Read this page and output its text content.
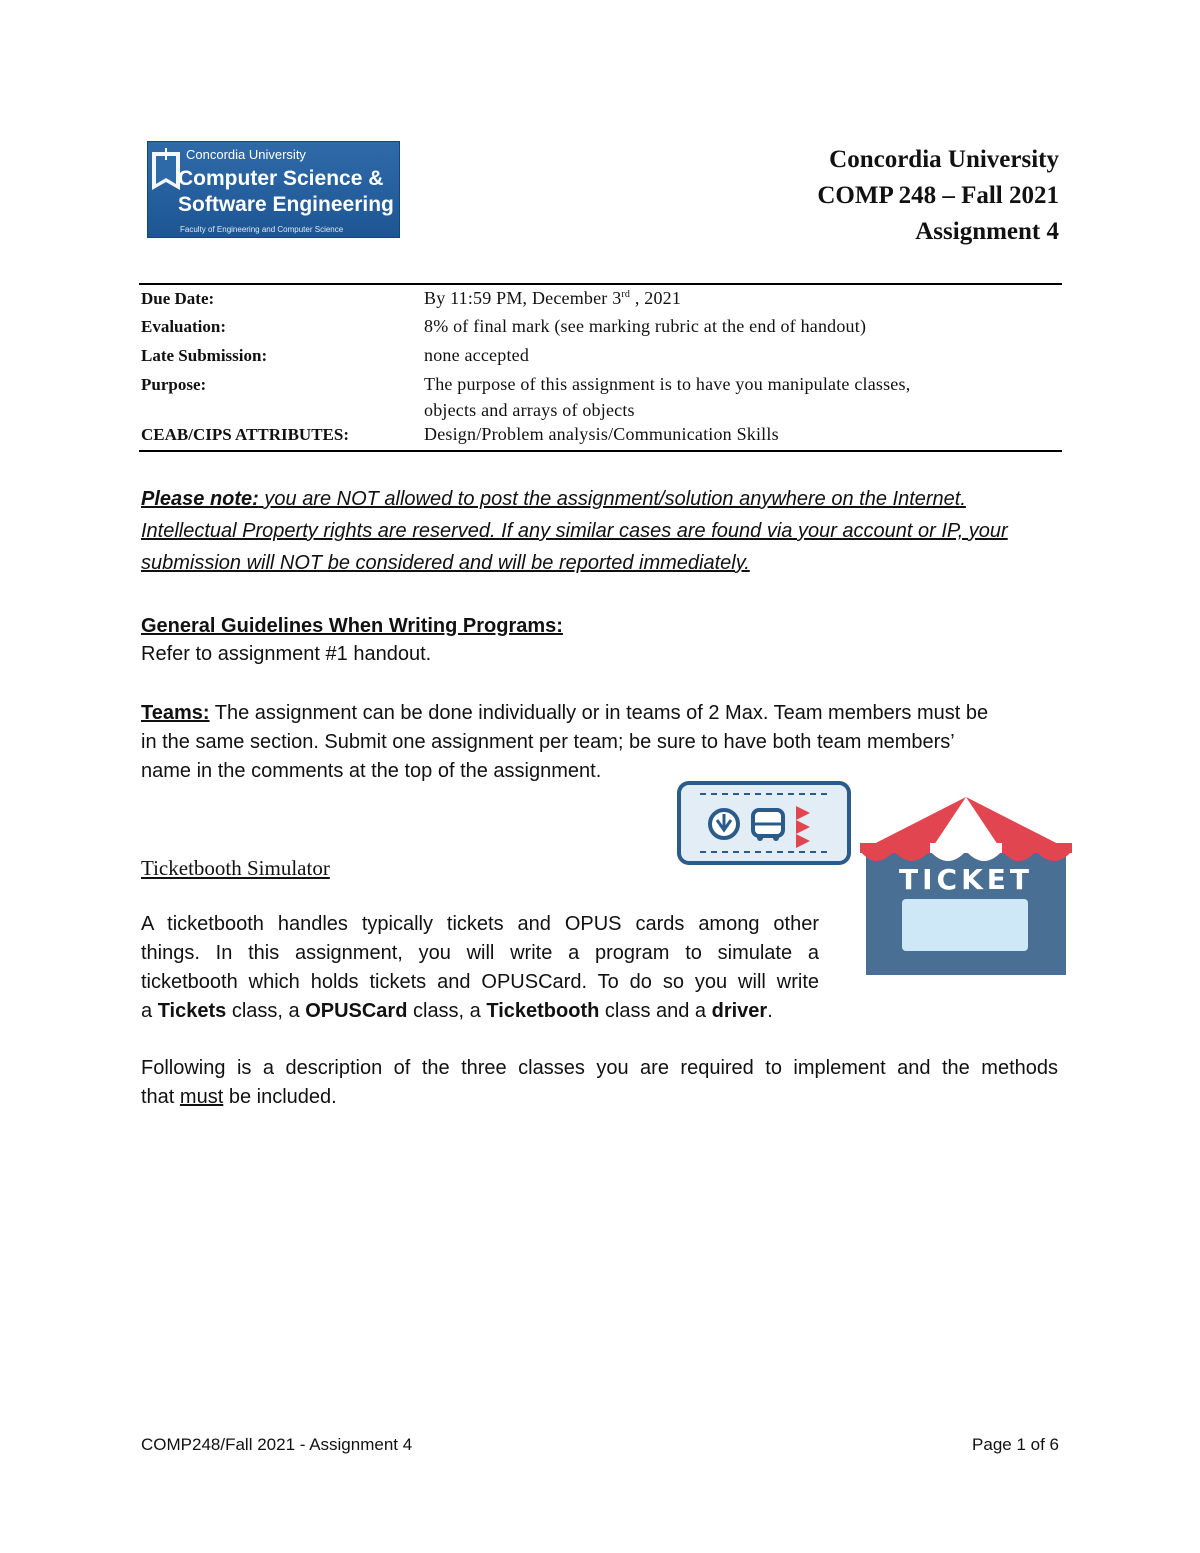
Concordia University
Computer Science &
Software Engineering
Faculty of Engineering and Computer Science
Concordia University
COMP 248 – Fall 2021
Assignment 4
Due Date:	By 11:59 PM, December 3rd , 2021
Evaluation:	8% of final mark (see marking rubric at the end of handout)
Late Submission:	none accepted
Purpose:	The purpose of this assignment is to have you manipulate classes,
objects and arrays of objects
CEAB/CIPS ATTRIBUTES:	Design/Problem analysis/Communication Skills
Please note: you are NOT allowed to post the assignment/solution anywhere on the Internet.
Intellectual Property rights are reserved. If any similar cases are found via your account or IP, your
submission will NOT be considered and will be reported immediately.
General Guidelines When Writing Programs:
Refer to assignment #1 handout.
Teams: The assignment can be done individually or in teams of 2 Max. Team members must be
in the same section. Submit one assignment per team; be sure to have both team members’
name in the comments at the top of the assignment.
TICKET
Ticketbooth Simulator
A ticketbooth handles typically tickets and OPUS cards among other
things. In this assignment, you will write a program to simulate a
ticketbooth which holds tickets and OPUSCard. To do so you will write
a Tickets class, a OPUSCard class, a Ticketbooth class and a driver.
Following is a description of the three classes you are required to implement and the methods
that must be included.
COMP248/Fall 2021 - Assignment 4	Page 1 of 6
